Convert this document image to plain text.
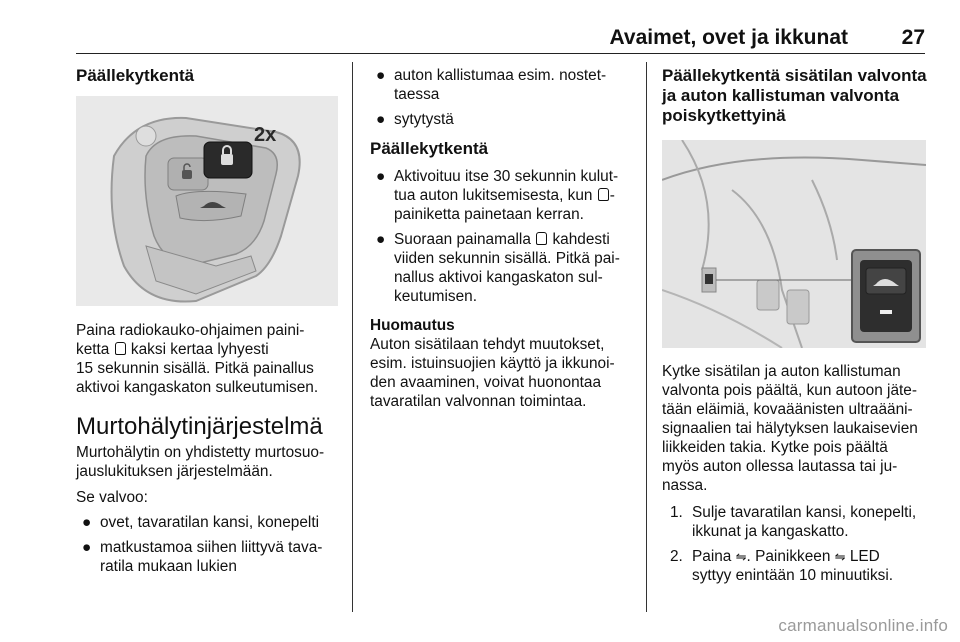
Avaimet, ovet ja ikkunat	27
Päällekytkentä
2x

Paina radiokauko-ohjaimen paini-
ketta  kaksi kertaa lyhyesti
15 sekunnin sisällä. Pitkä painallus
aktivoi kangaskaton sulkeutumisen.

Murtohälytinjärjestelmä

Murtohälytin on yhdistetty murtosuo-
jauslukituksen järjestelmään.

Se valvoo:

● ovet, tavaratilan kansi, konepelti
● matkustamoa siihen liittyvä tava-
ratila mukaan lukien
● auton kallistumaa esim. nostet-
taessa
● sytytystä
Päällekytkentä
● Aktivoituu itse 30 sekunnin kulut-
tua auton lukitsemisesta, kun -
painiketta painetaan kerran.
● Suoraan painamalla  kahdesti
viiden sekunnin sisällä. Pitkä pai-
nallus aktivoi kangaskaton sul-
keutumisen.
Huomautus
Auton sisätilaan tehdyt muutokset,
esim. istuinsuojien käyttö ja ikkunoi-
den avaaminen, voivat huonontaa
tavaratilan valvonnan toimintaa.
Päällekytkentä sisätilan valvonta
ja auton kallistuman valvonta
poiskytkettyinä

Kytke sisätilan ja auton kallistuman
valvonta pois päältä, kun autoon jäte-
tään eläimiä, kovaäänisten ultraääni-
signaalien tai hälytyksen laukaisevien
liikkeiden takia. Kytke pois päältä
myös auton ollessa lautassa tai ju-
nassa.

1. Sulje tavaratilan kansi, konepelti,
ikkunat ja kangaskatto.
2. Paina ⇋. Painikkeen ⇋ LED
syttyy enintään 10 minuutiksi.
carmanualsonline.info
